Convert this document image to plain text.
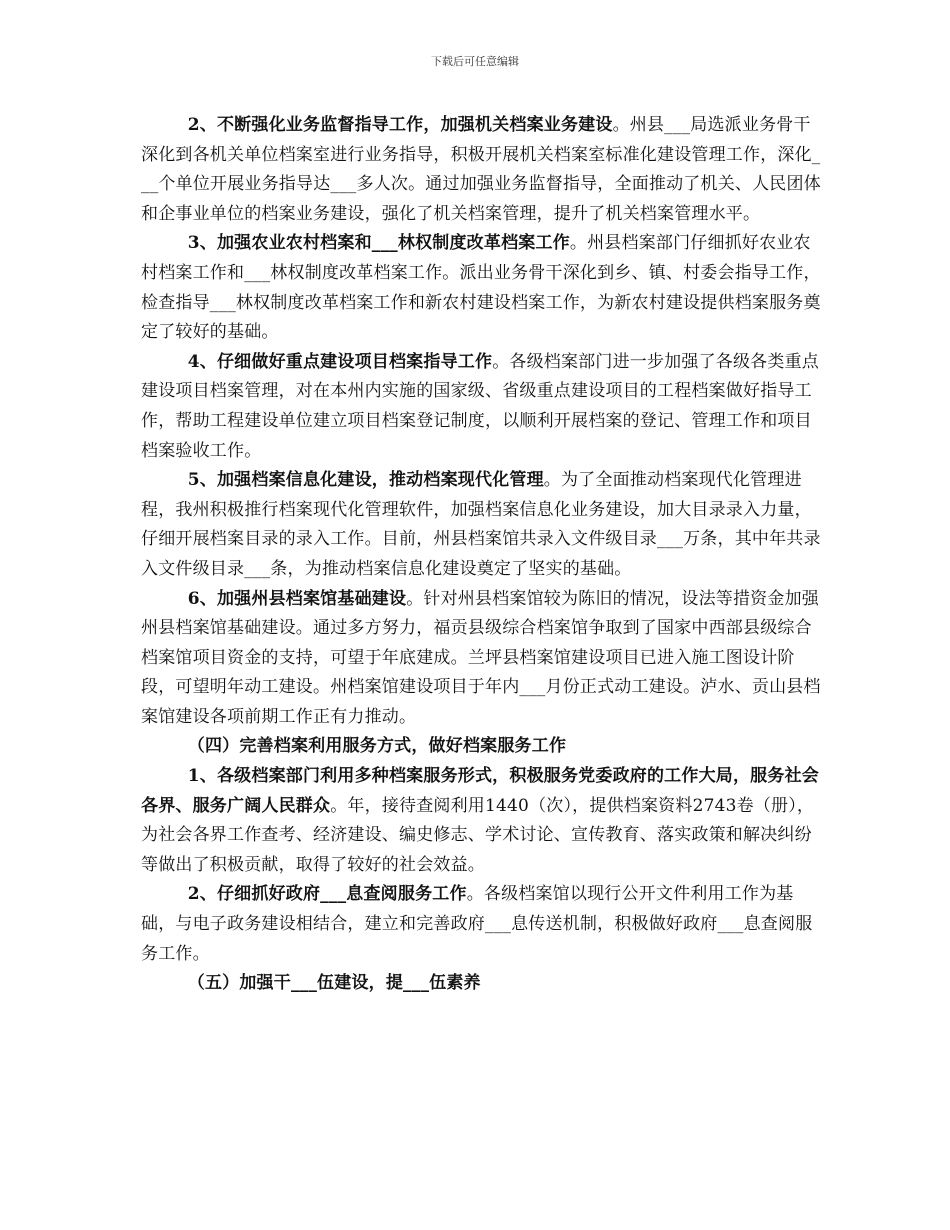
下载后可任意编辑

2、不断强化业务监督指导工作，加强机关档案业务建设。州县___局选派业务骨干深化到各机关单位档案室进行业务指导，积极开展机关档案室标准化建设管理工作，深化___个单位开展业务指导达___多人次。通过加强业务监督指导，全面推动了机关、人民团体和企事业单位的档案业务建设，强化了机关档案管理，提升了机关档案管理水平。

3、加强农业农村档案和___林权制度改革档案工作。州县档案部门仔细抓好农业农村档案工作和___林权制度改革档案工作。派出业务骨干深化到乡、镇、村委会指导工作，检查指导___林权制度改革档案工作和新农村建设档案工作，为新农村建设提供档案服务奠定了较好的基础。

4、仔细做好重点建设项目档案指导工作。各级档案部门进一步加强了各级各类重点建设项目档案管理，对在本州内实施的国家级、省级重点建设项目的工程档案做好指导工作，帮助工程建设单位建立项目档案登记制度，以顺利开展档案的登记、管理工作和项目档案验收工作。

5、加强档案信息化建设，推动档案现代化管理。为了全面推动档案现代化管理进程，我州积极推行档案现代化管理软件，加强档案信息化业务建设，加大目录录入力量，仔细开展档案目录的录入工作。目前，州县档案馆共录入文件级目录___万条，其中年共录入文件级目录___条，为推动档案信息化建设奠定了坚实的基础。

6、加强州县档案馆基础建设。针对州县档案馆较为陈旧的情况，设法等措资金加强州县档案馆基础建设。通过多方努力，福贡县级综合档案馆争取到了国家中西部县级综合档案馆项目资金的支持，可望于年底建成。兰坪县档案馆建设项目已进入施工图设计阶段，可望明年动工建设。州档案馆建设项目于年内___月份正式动工建设。泸水、贡山县档案馆建设各项前期工作正有力推动。

（四）完善档案利用服务方式，做好档案服务工作

1、各级档案部门利用多种档案服务形式，积极服务党委政府的工作大局，服务社会各界、服务广阔人民群众。年，接待查阅利用1440（次），提供档案资料2743卷（册），为社会各界工作查考、经济建设、编史修志、学术讨论、宣传教育、落实政策和解决纠纷等做出了积极贡献，取得了较好的社会效益。

2、仔细抓好政府___息查阅服务工作。各级档案馆以现行公开文件利用工作为基础，与电子政务建设相结合，建立和完善政府___息传送机制，积极做好政府___息查阅服务工作。

（五）加强干___伍建设，提___伍素养
